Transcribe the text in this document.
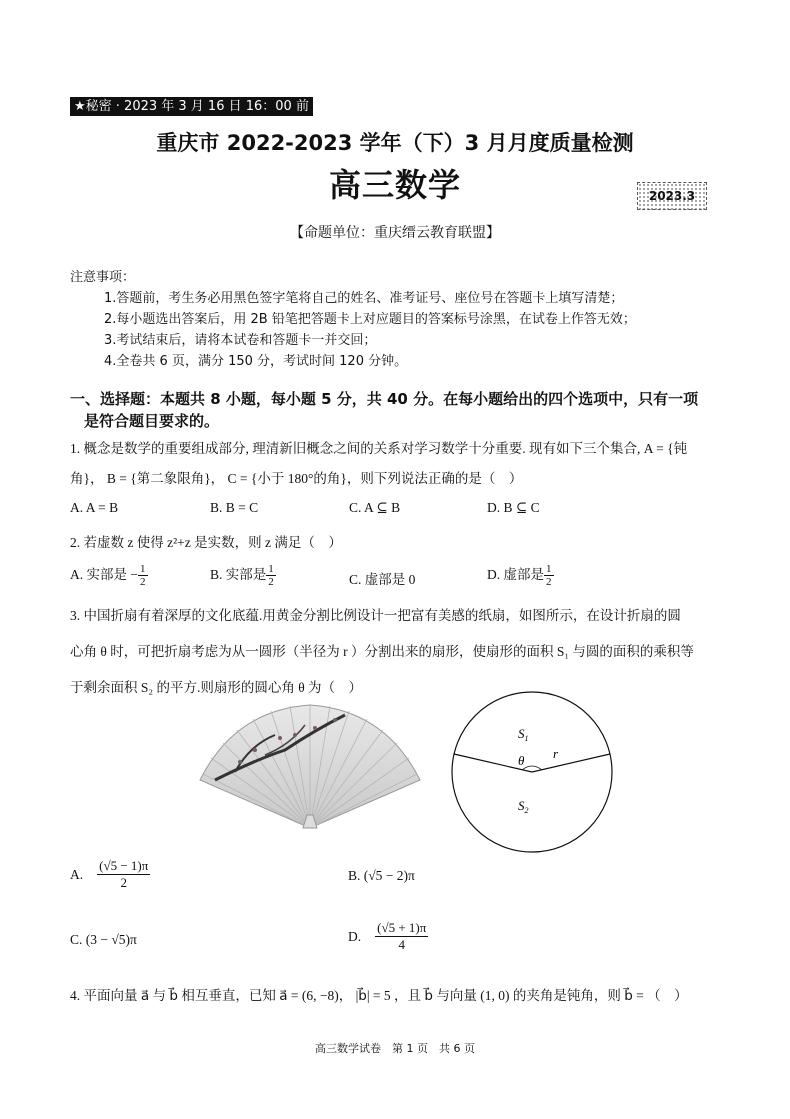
★秘密 · 2023 年 3 月 16 日 16：00 前
重庆市 2022-2023 学年（下）3 月月度质量检测
高三数学	2023.3
【命题单位：重庆缙云教育联盟】
注意事项：
1.答题前，考生务必用黑色签字笔将自己的姓名、准考证号、座位号在答题卡上填写清楚；
2.每小题选出答案后，用 2B 铅笔把答题卡上对应题目的答案标号涂黑，在试卷上作答无效；
3.考试结束后，请将本试卷和答题卡一并交回；
4.全卷共 6 页，满分 150 分，考试时间 120 分钟。
一、选择题：本题共 8 小题，每小题 5 分，共 40 分。在每小题给出的四个选项中，只有一项
是符合题目要求的。
1. 概念是数学的重要组成部分, 理清新旧概念之间的关系对学习数学十分重要. 现有如下三个集合, A = {钝
角}， B = {第二象限角}， C = {小于 180°的角}，则下列说法正确的是（　）
A. A = B	B. B = C	C. A ⊆ B	D. B ⊆ C
2. 若虚数 z 使得 z²+z 是实数，则 z 满足（　）
A. 实部是 − $\frac{1}{2}$	B. 实部是 $\frac{1}{2}$	C. 虚部是 0	D. 虚部是 $\frac{1}{2}$
3. 中国折扇有着深厚的文化底蕴.用黄金分割比例设计一把富有美感的纸扇，如图所示，在设计折扇的圆
心角 θ 时，可把折扇考虑为从一圆形（半径为 r ）分割出来的扇形，使扇形的面积 S₁ 与圆的面积的乘积等
于剩余面积 S₂ 的平方.则扇形的圆心角 θ 为（　）
$S_1$
θ r
$S_2$
A. $\frac{(√5 - 1)\pi}{2}$	B. (√5 − 2)π
C. (3 − √5)π	D. $\frac{(√5 + 1)\pi}{4}$
4. 平面向量 a⃗ 与 b⃗ 相互垂直，已知 a⃗ = (6, −8)， |b⃗| = 5 ，且 b⃗ 与向量 (1, 0) 的夹角是钝角，则 b⃗ = （　）
高三数学试卷　第 1 页　共 6 页
